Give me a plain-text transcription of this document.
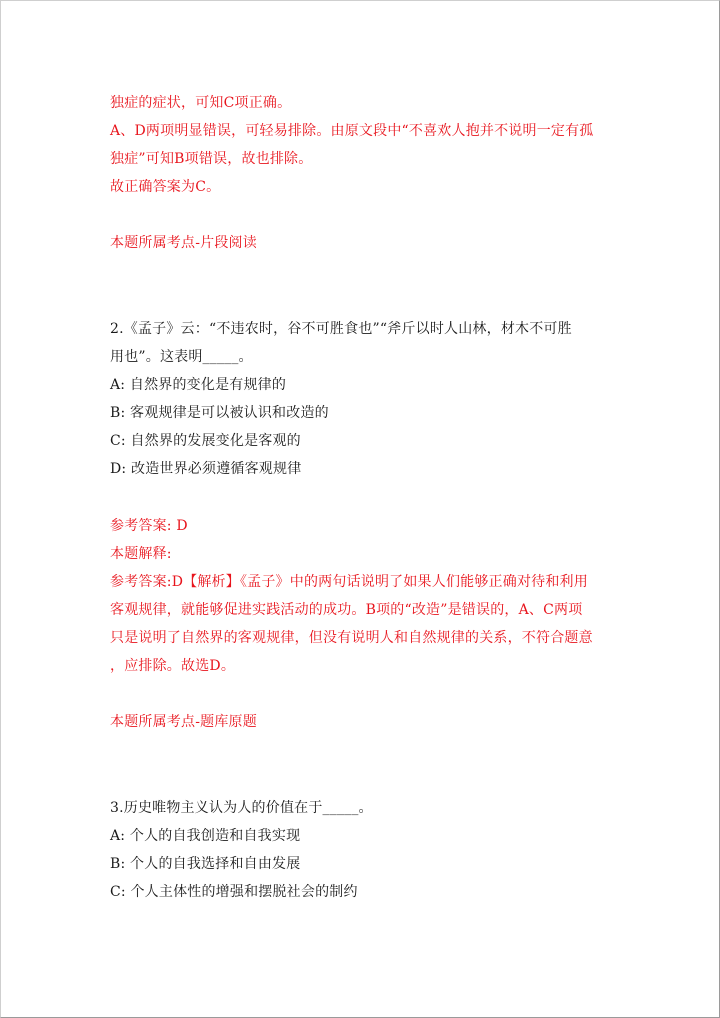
独症的症状，可知C项正确。
A、D两项明显错误，可轻易排除。由原文段中“不喜欢人抱并不说明一定有孤
独症”可知B项错误，故也排除。
故正确答案为C。
本题所属考点-片段阅读
2.《孟子》云：“不违农时，谷不可胜食也”“斧斤以时人山林，材木不可胜
用也”。这表明_____。
A: 自然界的变化是有规律的
B: 客观规律是可以被认识和改造的
C: 自然界的发展变化是客观的
D: 改造世界必须遵循客观规律
参考答案: D
本题解释:
参考答案:D【解析】《孟子》中的两句话说明了如果人们能够正确对待和利用
客观规律，就能够促进实践活动的成功。B项的“改造”是错误的，A、C两项
只是说明了自然界的客观规律，但没有说明人和自然规律的关系，不符合题意
，应排除。故选D。
本题所属考点-题库原题
3.历史唯物主义认为人的价值在于_____。
A: 个人的自我创造和自我实现
B: 个人的自我选择和自由发展
C: 个人主体性的增强和摆脱社会的制约
